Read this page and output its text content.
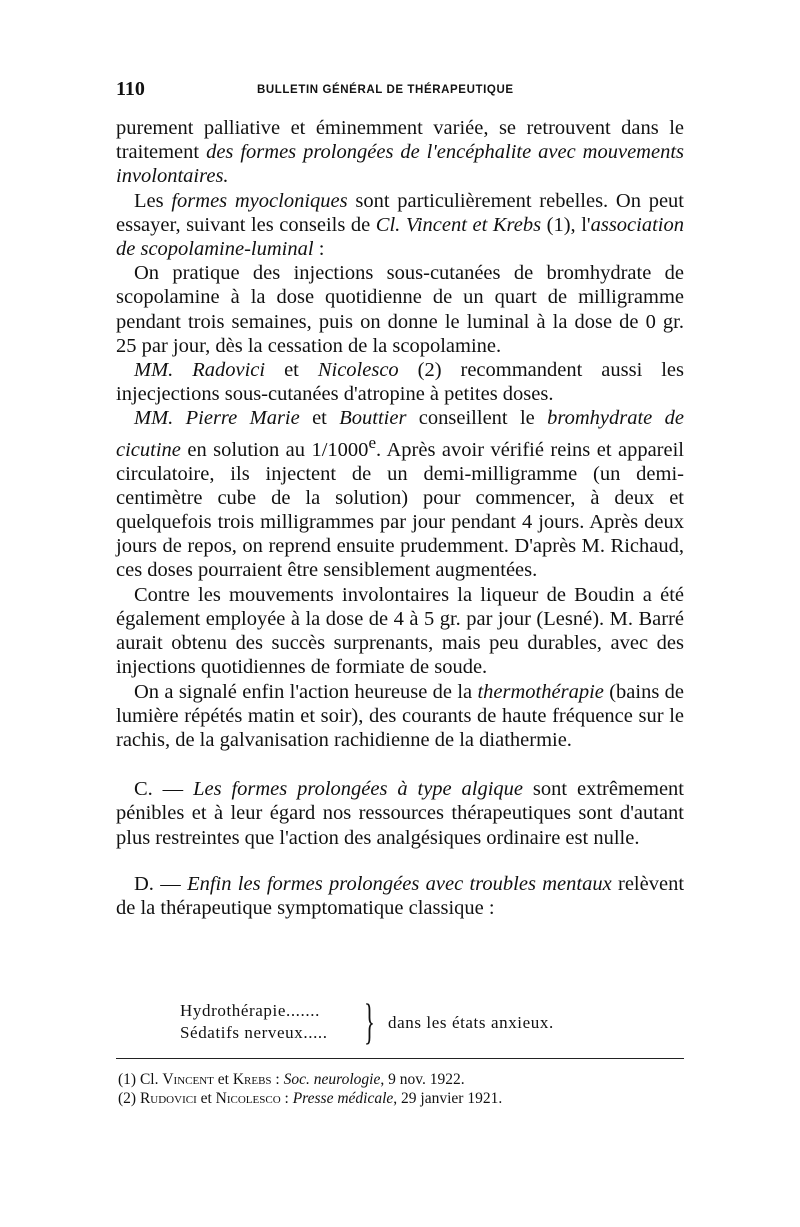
110	BULLETIN GÉNÉRAL DE THÉRAPEUTIQUE

purement palliative et éminemment variée, se retrouvent dans le traitement des formes prolongées de l'encéphalite avec mouvements involontaires.

Les formes myocloniques sont particulièrement rebelles. On peut essayer, suivant les conseils de Cl. Vincent et Krebs (1), l'association de scopolamine-luminal :

On pratique des injections sous-cutanées de bromhydrate de scopolamine à la dose quotidienne de un quart de milligramme pendant trois semaines, puis on donne le luminal à la dose de 0 gr. 25 par jour, dès la cessation de la scopolamine.

MM. Radovici et Nicolesco (2) recommandent aussi les injecjections sous-cutanées d'atropine à petites doses.

MM. Pierre Marie et Bouttier conseillent le bromhydrate de cicutine en solution au 1/1000e. Après avoir vérifié reins et appareil circulatoire, ils injectent de un demi-milligramme (un demi-centimètre cube de la solution) pour commencer, à deux et quelquefois trois milligrammes par jour pendant 4 jours. Après deux jours de repos, on reprend ensuite prudemment. D'après M. Richaud, ces doses pourraient être sensiblement augmentées.

Contre les mouvements involontaires la liqueur de Boudin a été également employée à la dose de 4 à 5 gr. par jour (Lesné). M. Barré aurait obtenu des succès surprenants, mais peu durables, avec des injections quotidiennes de formiate de soude.

On a signalé enfin l'action heureuse de la thermothérapie (bains de lumière répétés matin et soir), des courants de haute fréquence sur le rachis, de la galvanisation rachidienne de la diathermie.

C. — Les formes prolongées à type algique sont extrêmement pénibles et à leur égard nos ressources thérapeutiques sont d'autant plus restreintes que l'action des analgésiques ordinaire est nulle.

D. — Enfin les formes prolongées avec troubles mentaux relèvent de la thérapeutique symptomatique classique :

Hydrothérapie.......
Sédatifs nerveux..... } dans les états anxieux.

(1) Cl. Vincent et Krebs : Soc. neurologie, 9 nov. 1922.

(2) Rudovici et Nicolesco : Presse médicale, 29 janvier 1921.
